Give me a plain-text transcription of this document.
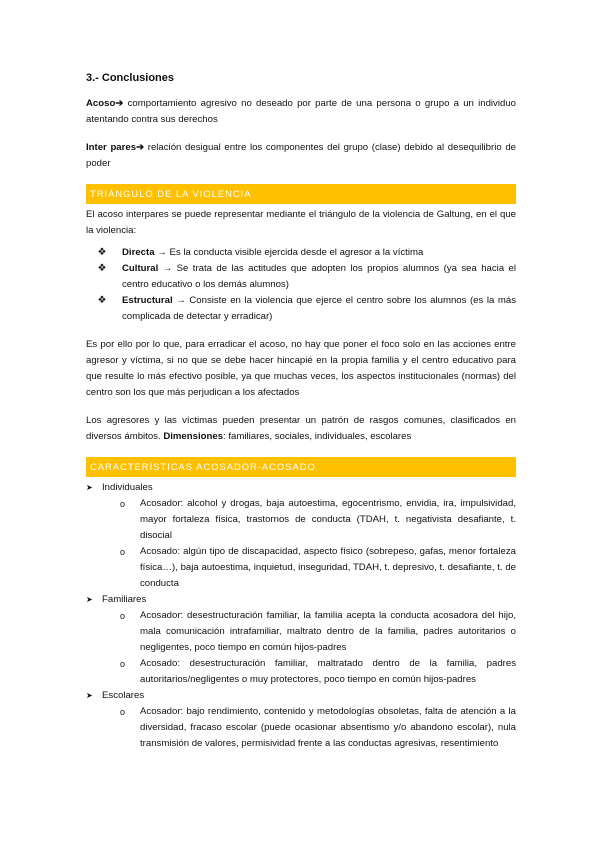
3.- Conclusiones

Acoso➔ comportamiento agresivo no deseado por parte de una persona o grupo a un individuo atentando contra sus derechos

Inter pares➔ relación desigual entre los componentes del grupo (clase) debido al desequilibrio de poder

TRIÁNGULO DE LA VIOLENCIA

El acoso interpares se puede representar mediante el triángulo de la violencia de Galtung, en el que la violencia:

❖ Directa → Es la conducta visible ejercida desde el agresor a la víctima
❖ Cultural → Se trata de las actitudes que adopten los propios alumnos (ya sea hacia el centro educativo o los demás alumnos)
❖ Estructural → Consiste en la violencia que ejerce el centro sobre los alumnos (es la más complicada de detectar y erradicar)

Es por ello por lo que, para erradicar el acoso, no hay que poner el foco solo en las acciones entre agresor y víctima, si no que se debe hacer hincapié en la propia familia y el centro educativo para que resulte lo más efectivo posible, ya que muchas veces, los aspectos institucionales (normas) del centro son los que más perjudican a los afectados

Los agresores y las víctimas pueden presentar un patrón de rasgos comunes, clasificados en diversos ámbitos. Dimensiones: familiares, sociales, individuales, escolares

CARACTERÍSTICAS ACOSADOR-ACOSADO
➤ Individuales
o Acosador: alcohol y drogas, baja autoestima, egocentrismo, envidia, ira, impulsividad, mayor fortaleza física, trastornos de conducta (TDAH, t. negativista desafiante, t. disocial
o Acosado: algún tipo de discapacidad, aspecto físico (sobrepeso, gafas, menor fortaleza física…), baja autoestima, inquietud, inseguridad, TDAH, t. depresivo, t. desafiante, t. de conducta
➤ Familiares
o Acosador: desestructuración familiar, la familia acepta la conducta acosadora del hijo, mala comunicación intrafamiliar, maltrato dentro de la familia, padres autoritarios o negligentes, poco tiempo en común hijos-padres
o Acosado: desestructuración familiar, maltratado dentro de la familia, padres autoritarios/negligentes o muy protectores, poco tiempo en común hijos-padres
➤ Escolares
o Acosador: bajo rendimiento, contenido y metodologías obsoletas, falta de atención a la diversidad, fracaso escolar (puede ocasionar absentismo y/o abandono escolar), nula transmisión de valores, permisividad frente a las conductas agresivas, resentimiento
